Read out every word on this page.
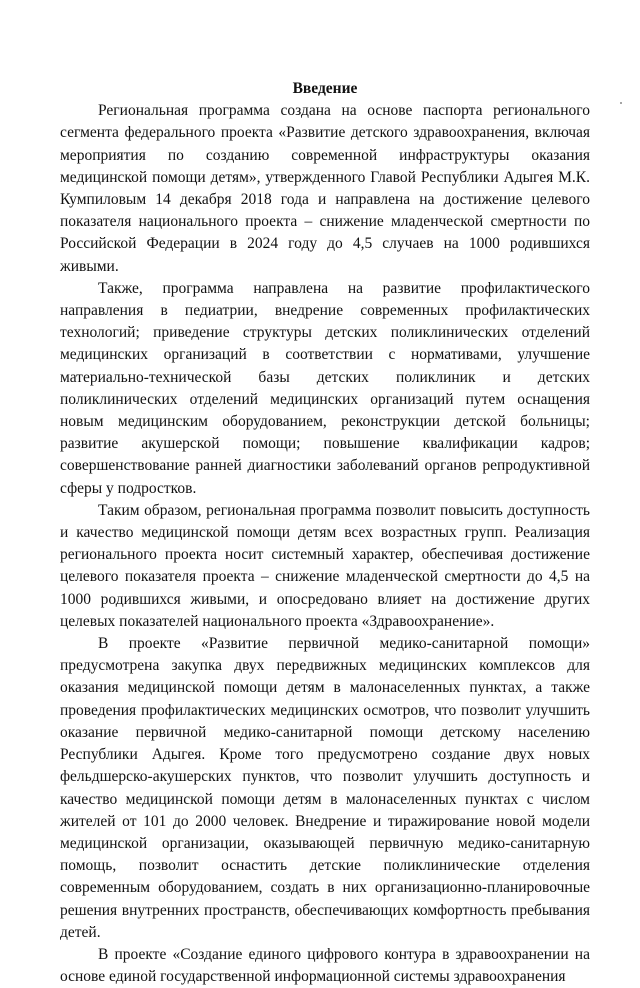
Введение

Региональная программа создана на основе паспорта регионального сегмента федерального проекта «Развитие детского здравоохранения, включая мероприятия по созданию современной инфраструктуры оказания медицинской помощи детям», утвержденного Главой Республики Адыгея М.К. Кумпиловым 14 декабря 2018 года и направлена на достижение целевого показателя национального проекта – снижение младенческой смертности по Российской Федерации в 2024 году до 4,5 случаев на 1000 родившихся живыми.

Также, программа направлена на развитие профилактического направления в педиатрии, внедрение современных профилактических технологий; приведение структуры детских поликлинических отделений медицинских организаций в соответствии с нормативами, улучшение материально-технической базы детских поликлиник и детских поликлинических отделений медицинских организаций путем оснащения новым медицинским оборудованием, реконструкции детской больницы; развитие акушерской помощи; повышение квалификации кадров; совершенствование ранней диагностики заболеваний органов репродуктивной сферы у подростков.

Таким образом, региональная программа позволит повысить доступность и качество медицинской помощи детям всех возрастных групп. Реализация регионального проекта носит системный характер, обеспечивая достижение целевого показателя проекта – снижение младенческой смертности до 4,5 на 1000 родившихся живыми, и опосредовано влияет на достижение других целевых показателей национального проекта «Здравоохранение».

В проекте «Развитие первичной медико-санитарной помощи» предусмотрена закупка двух передвижных медицинских комплексов для оказания медицинской помощи детям в малонаселенных пунктах, а также проведения профилактических медицинских осмотров, что позволит улучшить оказание первичной медико-санитарной помощи детскому населению Республики Адыгея. Кроме того предусмотрено создание двух новых фельдшерско-акушерских пунктов, что позволит улучшить доступность и качество медицинской помощи детям в малонаселенных пунктах с числом жителей от 101 до 2000 человек. Внедрение и тиражирование новой модели медицинской организации, оказывающей первичную медико-санитарную помощь, позволит оснастить детские поликлинические отделения современным оборудованием, создать в них организационно-планировочные решения внутренних пространств, обеспечивающих комфортность пребывания детей.

В проекте «Создание единого цифрового контура в здравоохранении на основе единой государственной информационной системы здравоохранения
